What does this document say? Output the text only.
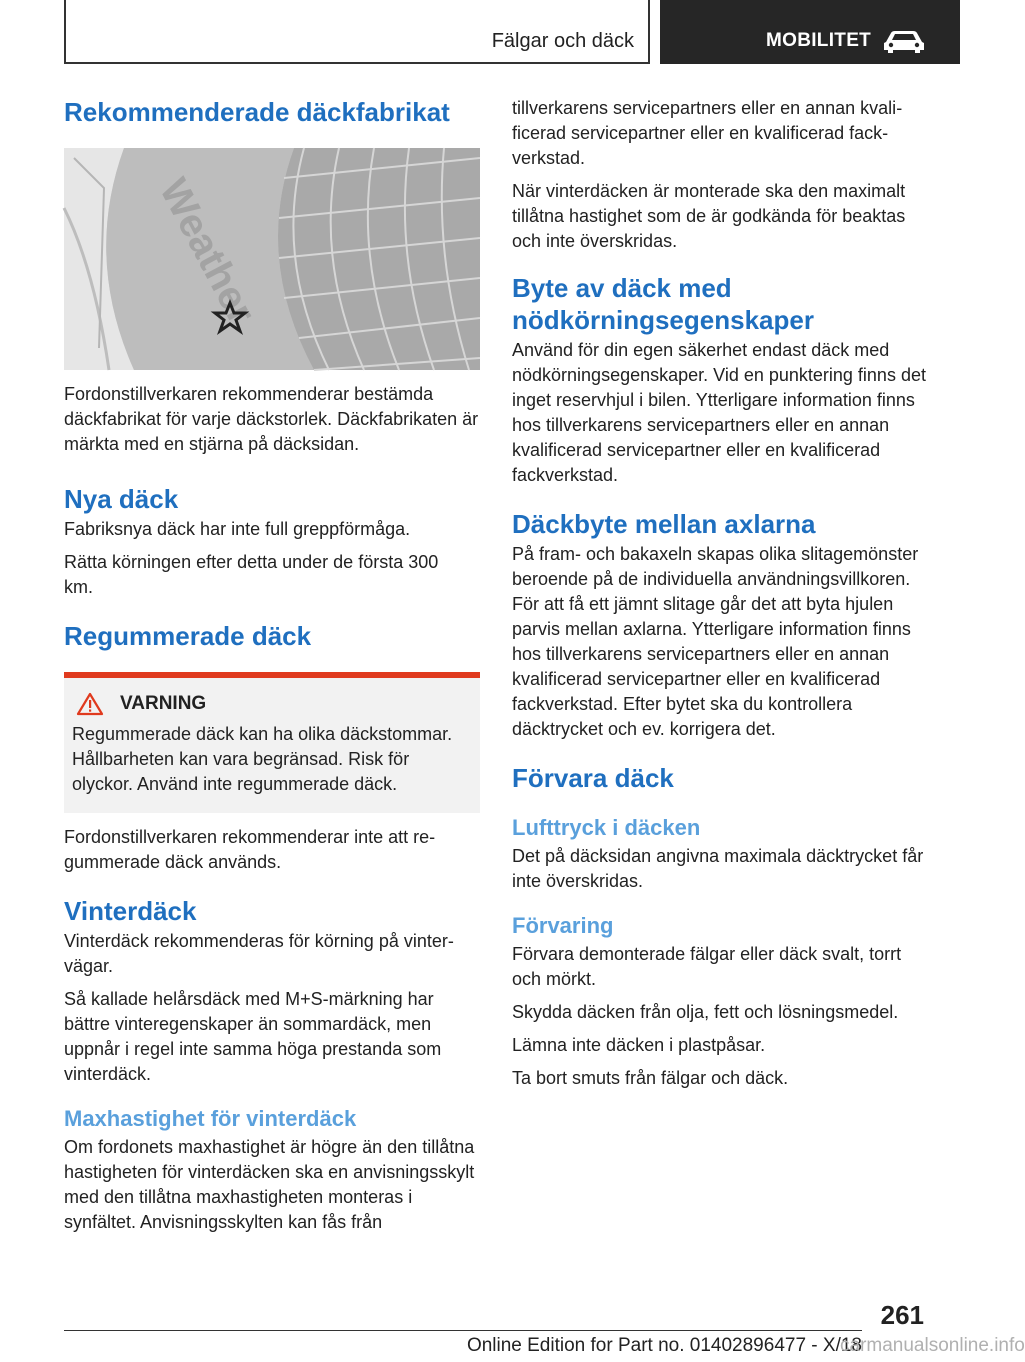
Fälgar och däck	MOBILITET
Rekommenderade däckfabrikat
Weather

Fordonstillverkaren rekommenderar bestämda däckfabrikat för varje däckstorlek. Däckfabrikaten är märkta med en stjärna på däcksidan.

Nya däck

Fabriksnya däck har inte full greppförmåga.

Rätta körningen efter detta under de första 300 km.

Regummerade däck
VARNING

Regummerade däck kan ha olika däckstommar. Hållbarheten kan vara begränsad. Risk för olyckor. Använd inte regummerade däck.

Fordonstillverkaren rekommenderar inte att regummerade däck används.

Vinterdäck

Vinterdäck rekommenderas för körning på vintervägar.

Så kallade helårsdäck med M+S-märkning har bättre vinteregenskaper än sommardäck, men uppnår i regel inte samma höga prestanda som vinterdäck.

Maxhastighet för vinterdäck

Om fordonets maxhastighet är högre än den tillåtna hastigheten för vinterdäcken ska en anvisningsskylt med den tillåtna maxhastigheten monteras i synfältet. Anvisningsskylten kan fås från

tillverkarens servicepartners eller en annan kvalificerad servicepartner eller en kvalificerad fackverkstad.

När vinterdäcken är monterade ska den maximalt tillåtna hastighet som de är godkända för beaktas och inte överskridas.

Byte av däck med nödkörningsegenskaper

Använd för din egen säkerhet endast däck med nödkörningsegenskaper. Vid en punktering finns det inget reservhjul i bilen. Ytterligare information finns hos tillverkarens servicepartners eller en annan kvalificerad servicepartner eller en kvalificerad fackverkstad.

Däckbyte mellan axlarna

På fram- och bakaxeln skapas olika slitagemönster beroende på de individuella användningsvillkoren. För att få ett jämnt slitage går det att byta hjulen parvis mellan axlarna. Ytterligare information finns hos tillverkarens servicepartners eller en annan kvalificerad servicepartner eller en kvalificerad fackverkstad. Efter bytet ska du kontrollera däcktrycket och ev. korrigera det.

Förvara däck
Lufttryck i däcken

Det på däcksidan angivna maximala däcktrycket får inte överskridas.

Förvaring

Förvara demonterade fälgar eller däck svalt, torrt och mörkt.

Skydda däcken från olja, fett och lösningsmedel.

Lämna inte däcken i plastpåsar.

Ta bort smuts från fälgar och däck.

261
Online Edition for Part no. 01402896477 - X/18
carmanualsonline.info
